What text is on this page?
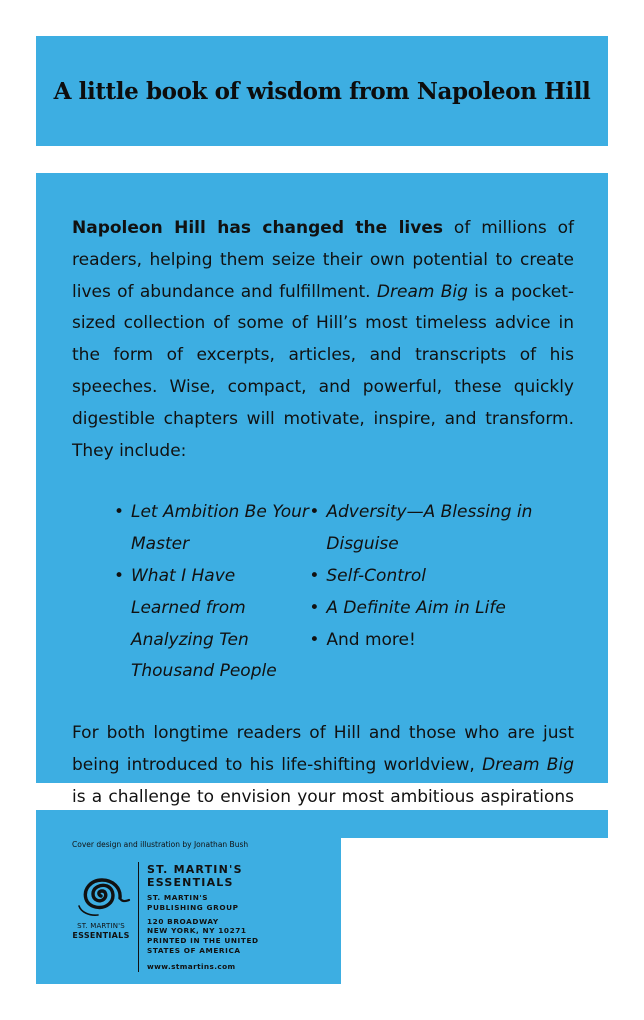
A little book of wisdom from Napoleon Hill

Napoleon Hill has changed the lives of millions of readers, helping them seize their own potential to create lives of abundance and fulfillment. Dream Big is a pocket-sized collection of some of Hill’s most timeless advice in the form of excerpts, articles, and transcripts of his speeches. Wise, compact, and powerful, these quickly digestible chapters will motivate, inspire, and transform. They include:

• Let Ambition Be Your Master
• What I Have Learned from Analyzing Ten Thousand People
• Adversity—A Blessing in Disguise
• Self-Control
• A Definite Aim in Life
• And more!

For both longtime readers of Hill and those who are just being introduced to his life-shifting worldview, Dream Big is a challenge to envision your most ambitious aspirations

Cover design and illustration by Jonathan Bush
ST. MARTIN'S
ESSENTIALS
ST. MARTIN'S
ESSENTIALS
ST. MARTIN'S
PUBLISHING GROUP
120 BROADWAY
NEW YORK, NY 10271
PRINTED IN THE UNITED
STATES OF AMERICA
www.stmartins.com
